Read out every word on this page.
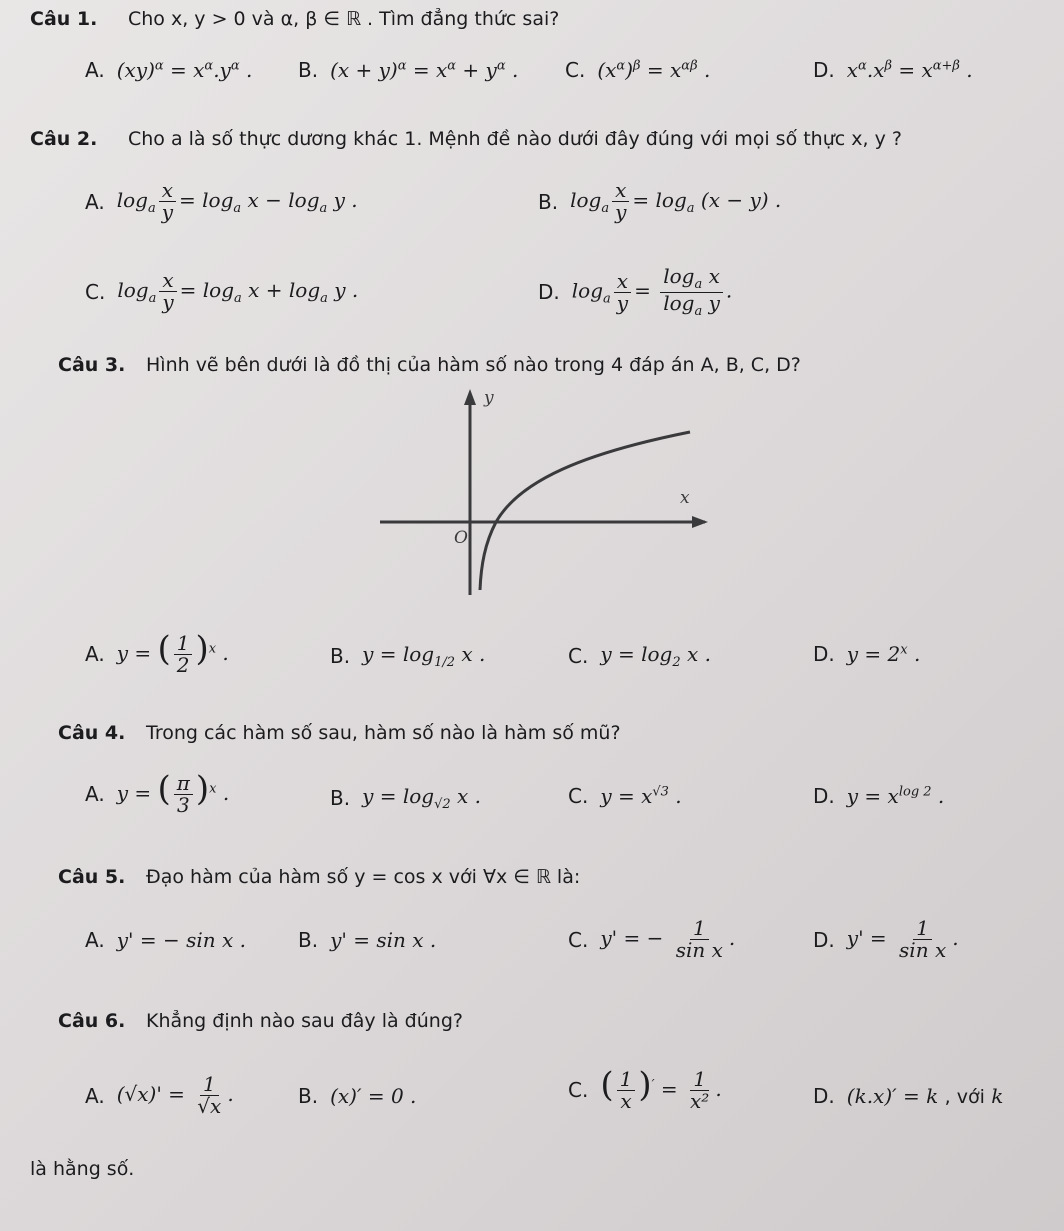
Câu 1. Cho x, y > 0 và α, β ∈ ℝ . Tìm đẳng thức sai?
A. $(xy)^\alpha = x^\alpha.y^\alpha$ . B. $(x + y)^\alpha = x^\alpha + y^\alpha$ . C. $(x^\alpha)^\beta = x^{\alpha\beta}$ .	D. $x^\alpha.x^\beta = x^{\alpha+\beta}$ .
Câu 2. Cho a là số thực dương khác 1. Mệnh đề nào dưới đây đúng với mọi số thực x, y ?
A. $\log_a \frac{x}{y} = \log_a x - \log_a y$ .	B. $\log_a \frac{x}{y} = \log_a (x - y)$ .
C. $\log_a \frac{x}{y} = \log_a x + \log_a y$ .	D. $\log_a \frac{x}{y} = \frac{\log_a x}{\log_a y}$ .
Câu 3. Hình vẽ bên dưới là đồ thị của hàm số nào trong 4 đáp án A, B, C, D?
y
x
O
A. y = ( $\frac{1}{2} )^x$ .	B. $y = \log_{1/2} x$ .	C. $y = \log_2 x$ .	D. $y = 2^x$ .
Câu 4. Trong các hàm số sau, hàm số nào là hàm số mũ?
A. y = ( $\frac{\pi}{3} )^x$ .	B. $y = \log_{√2} x$ .	C. $y = x^{√3}$ .	D. $y = x^{log 2}$ .
Câu 5. Đạo hàm của hàm số y = cos x với ∀x ∈ ℝ là:
A. y' = − sin x .	B. y' = sin x .	C. y' = − $\frac{1}{\text{sin x}}$ .	D. $y' = \frac{1}{\text{sin x}}$ .
Câu 6. Khẳng định nào sau đây là đúng?
A. $(√x)' = \frac{1}{√x}$ .	B. (x)′ = 0 .	C. ( $\frac{1}{x} )' = \frac{1}{\text{x²}}$ .	D. (k.x)′ = k , với k
là hằng số.
